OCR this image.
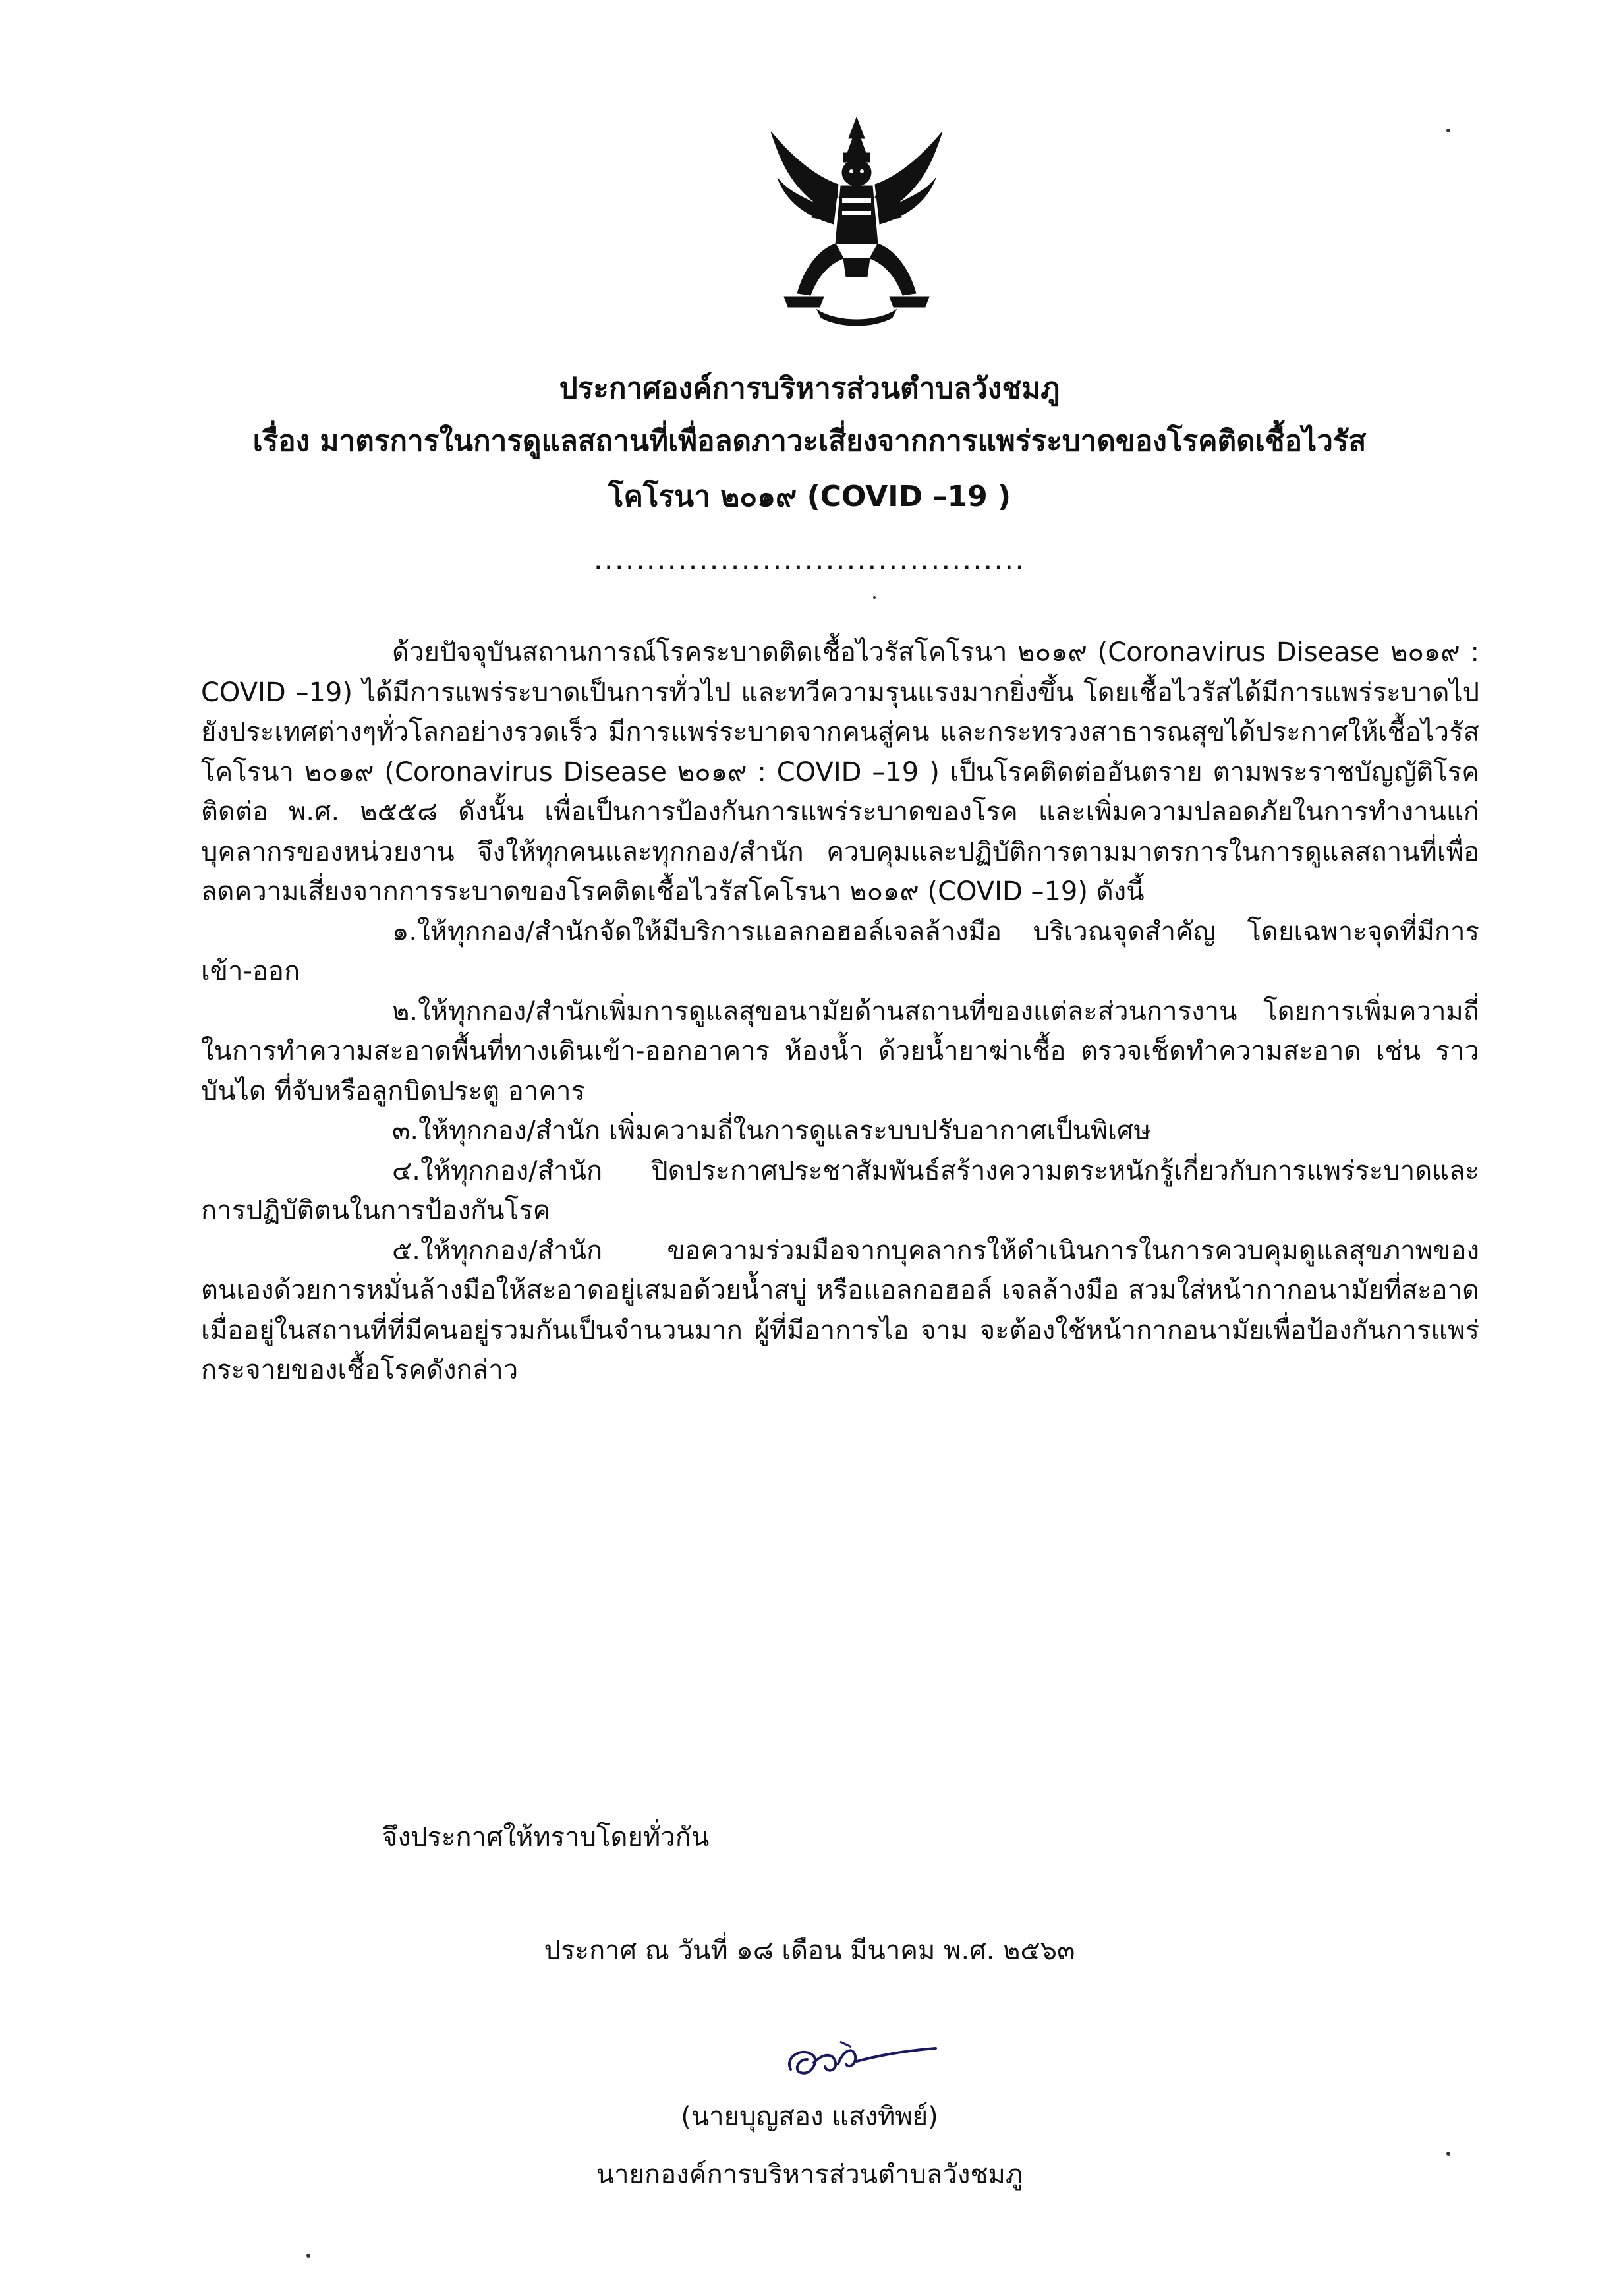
ประกาศองค์การบริหารส่วนตำบลวังชมภู
เรื่อง มาตรการในการดูแลสถานที่เพื่อลดภาวะเสี่ยงจากการแพร่ระบาดของโรคติดเชื้อไวรัส
โคโรนา ๒๐๑๙ (COVID –19 )
.........................................

ด้วยปัจจุบันสถานการณ์โรคระบาดติดเชื้อไวรัสโคโรนา ๒๐๑๙ (Coronavirus Disease ๒๐๑๙ : COVID –19) ได้มีการแพร่ระบาดเป็นการทั่วไป และทวีความรุนแรงมากยิ่งขึ้น โดยเชื้อไวรัสได้มีการแพร่ระบาดไปยังประเทศต่างๆทั่วโลกอย่างรวดเร็ว มีการแพร่ระบาดจากคนสู่คน และกระทรวงสาธารณสุขได้ประกาศให้เชื้อไวรัสโคโรนา ๒๐๑๙ (Coronavirus Disease ๒๐๑๙ : COVID –19 ) เป็นโรคติดต่ออันตราย ตามพระราชบัญญัติโรคติดต่อ พ.ศ. ๒๕๕๘ ดังนั้น เพื่อเป็นการป้องกันการแพร่ระบาดของโรค และเพิ่มความปลอดภัยในการทำงานแก่บุคลากรของหน่วยงาน จึงให้ทุกคนและทุกกอง/สำนัก ควบคุมและปฏิบัติการตามมาตรการในการดูแลสถานที่เพื่อลดความเสี่ยงจากการระบาดของโรคติดเชื้อไวรัสโคโรนา ๒๐๑๙ (COVID –19) ดังนี้

๑.ให้ทุกกอง/สำนักจัดให้มีบริการแอลกอฮอล์เจลล้างมือ บริเวณจุดสำคัญ โดยเฉพาะจุดที่มีการเข้า-ออก

๒.ให้ทุกกอง/สำนักเพิ่มการดูแลสุขอนามัยด้านสถานที่ของแต่ละส่วนการงาน โดยการเพิ่มความถี่ในการทำความสะอาดพื้นที่ทางเดินเข้า-ออกอาคาร ห้องน้ำ ด้วยน้ำยาฆ่าเชื้อ ตรวจเช็ดทำความสะอาด เช่น ราวบันได ที่จับหรือลูกบิดประตู อาคาร

๓.ให้ทุกกอง/สำนัก เพิ่มความถี่ในการดูแลระบบปรับอากาศเป็นพิเศษ

๔.ให้ทุกกอง/สำนัก ปิดประกาศประชาสัมพันธ์สร้างความตระหนักรู้เกี่ยวกับการแพร่ระบาดและการปฏิบัติตนในการป้องกันโรค

๕.ให้ทุกกอง/สำนัก ขอความร่วมมือจากบุคลากรให้ดำเนินการในการควบคุมดูแลสุขภาพของตนเองด้วยการหมั่นล้างมือให้สะอาดอยู่เสมอด้วยน้ำสบู่ หรือแอลกอฮอล์ เจลล้างมือ สวมใส่หน้ากากอนามัยที่สะอาดเมื่ออยู่ในสถานที่ที่มีคนอยู่รวมกันเป็นจำนวนมาก ผู้ที่มีอาการไอ จาม จะต้องใช้หน้ากากอนามัยเพื่อป้องกันการแพร่กระจายของเชื้อโรคดังกล่าว

จึงประกาศให้ทราบโดยทั่วกัน
ประกาศ ณ วันที่ ๑๘ เดือน มีนาคม พ.ศ. ๒๕๖๓
(นายบุญสอง แสงทิพย์)
นายกองค์การบริหารส่วนตำบลวังชมภู
